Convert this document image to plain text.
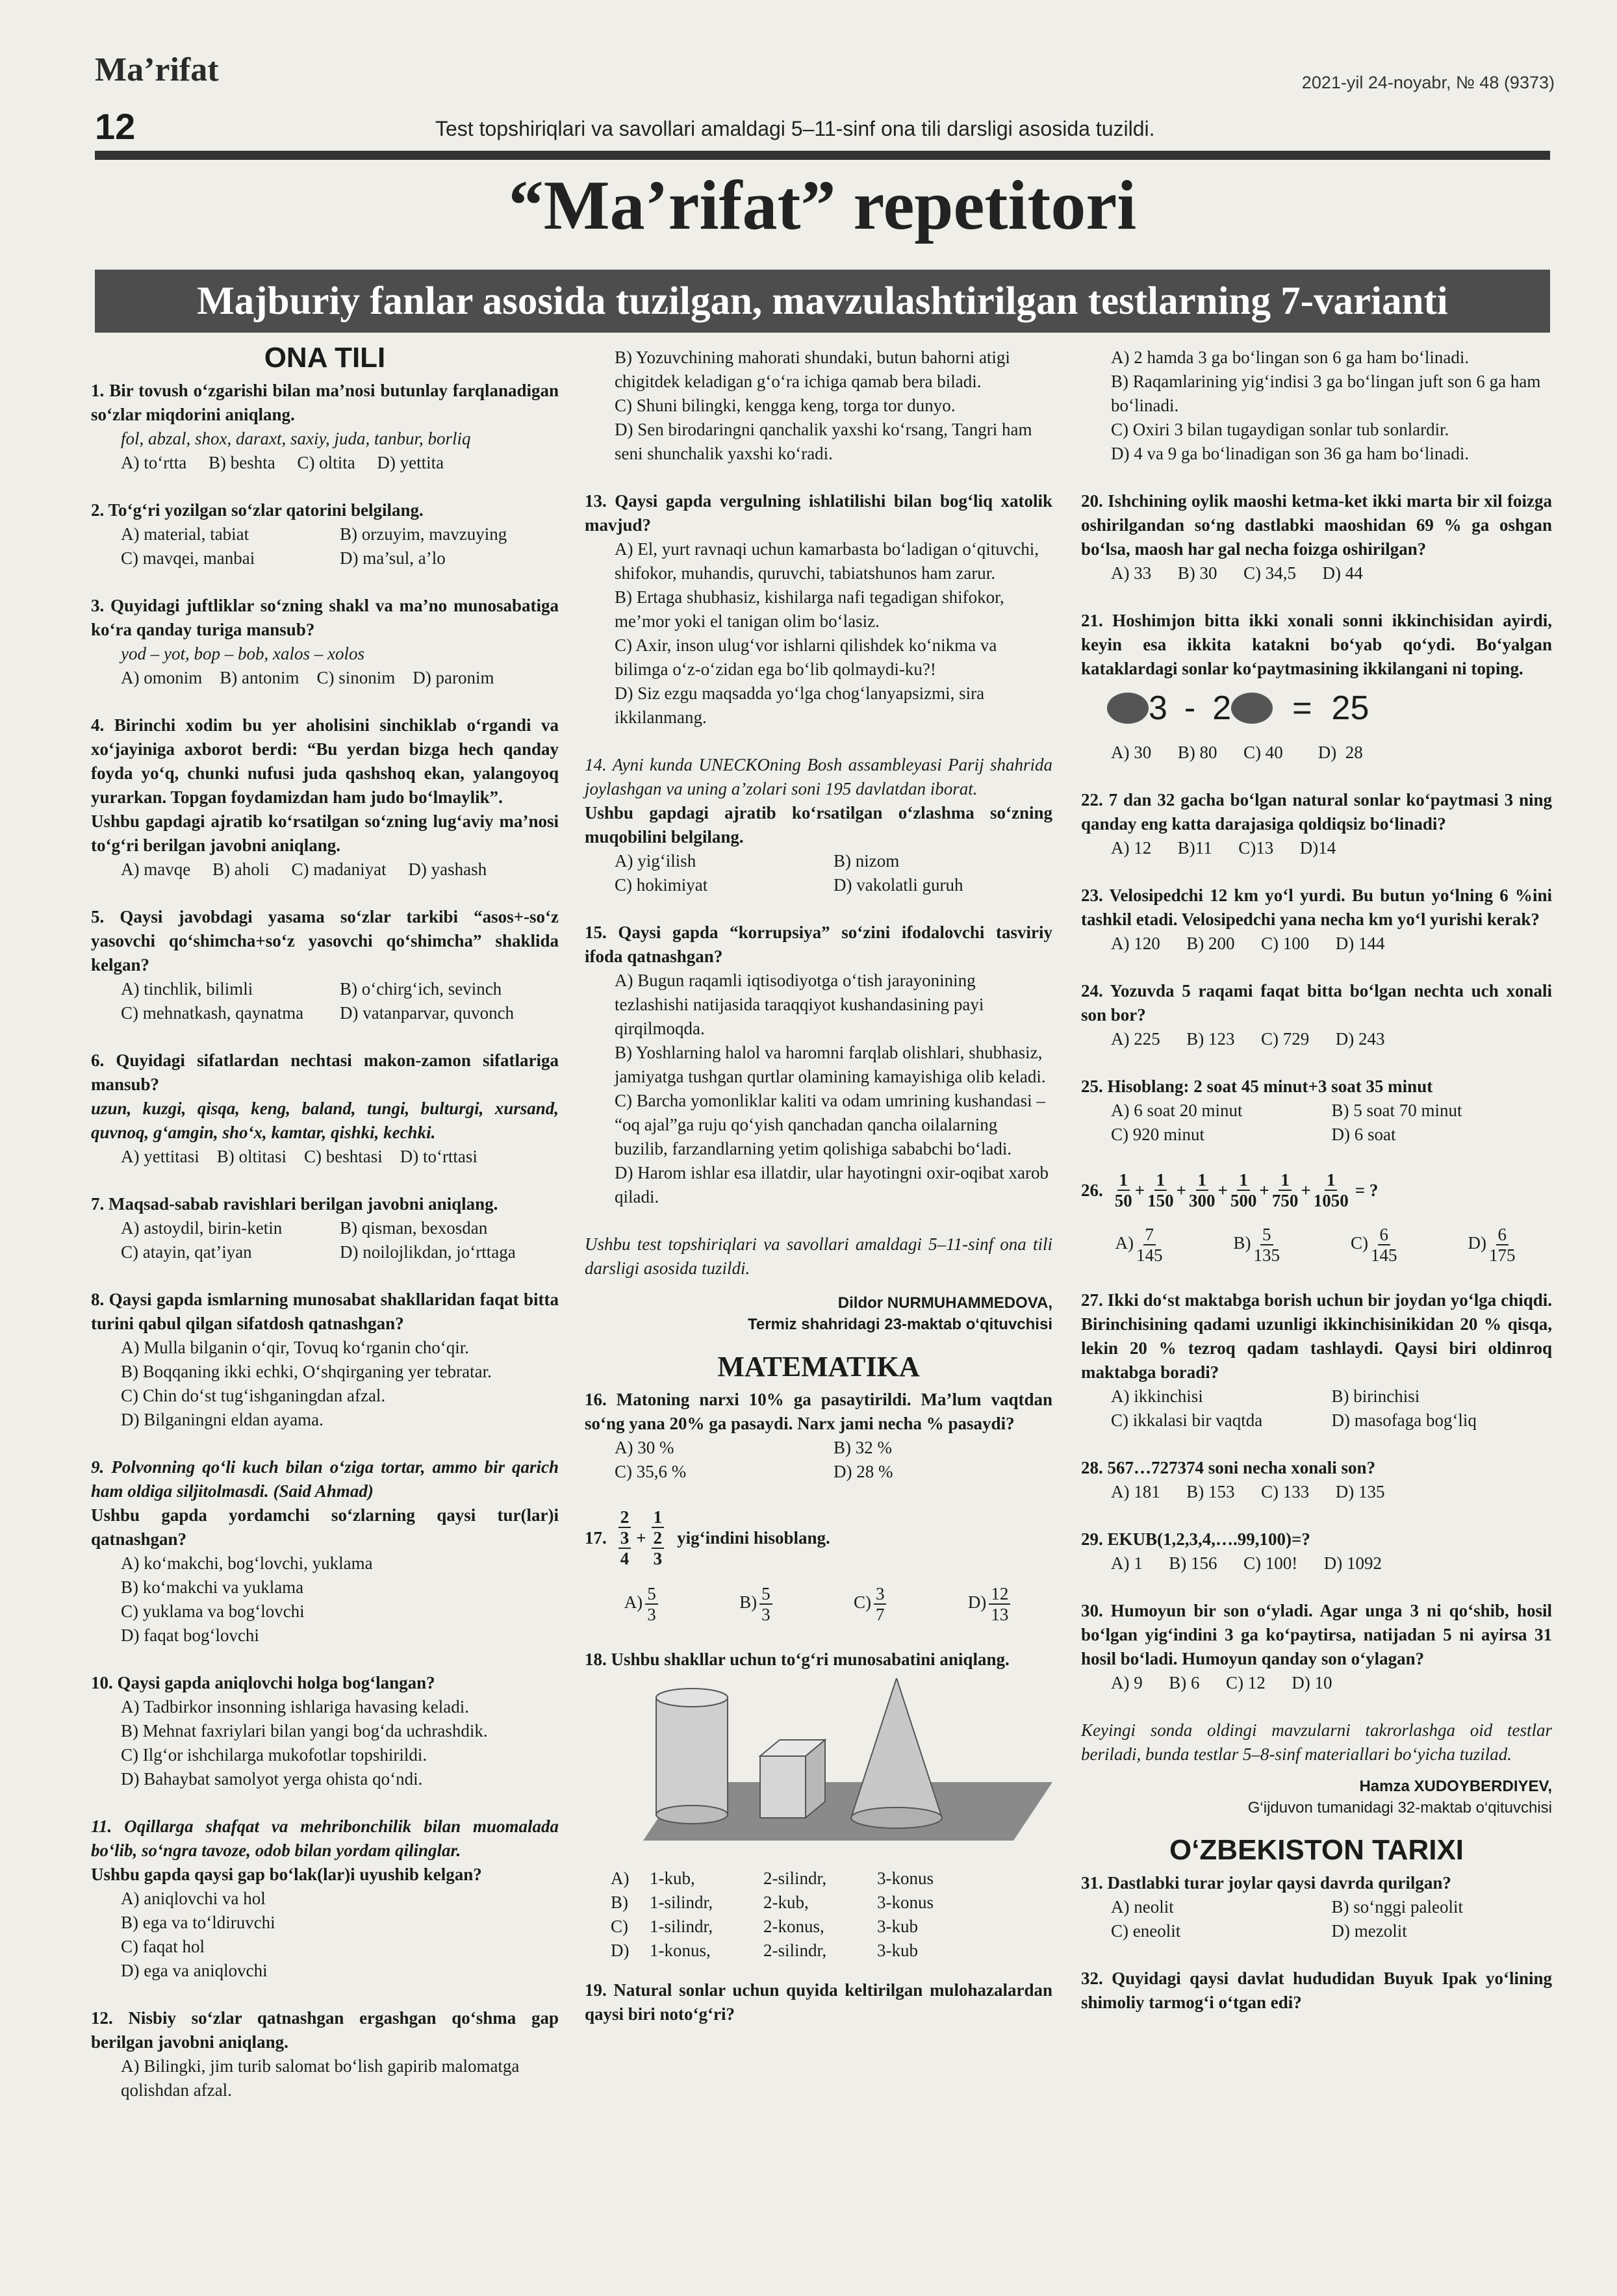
Ma’rifat	2021-yil 24-noyabr, № 48 (9373)
12	Test topshiriqlari va savollari amaldagi 5–11-sinf ona tili darsligi asosida tuzildi.
“Ma’rifat” repetitori
Majburiy fanlar asosida tuzilgan, mavzulashtirilgan testlarning 7-varianti
ONA TILI
1. Bir tovush o‘zgarishi bilan ma’nosi butunlay farqlanadigan so‘zlar miqdorini aniqlang.
fol, abzal, shox, daraxt, saxiy, juda, tanbur, borliq
A) to‘rtta     B) beshta     C) oltita     D) yettita
2. To‘g‘ri yozilgan so‘zlar qatorini belgilang.
A) material, tabiat	B) orzuyim, mavzuying
C) mavqei, manbai	D) ma’sul, a’lo
3. Quyidagi juftliklar so‘zning shakl va ma’no munosabatiga ko‘ra qanday turiga mansub?
yod – yot, bop – bob, xalos – xolos
A) omonim    B) antonim    C) sinonim    D) paronim
4. Birinchi xodim bu yer aholisini sinchiklab o‘rgandi va xo‘jayiniga axborot berdi: “Bu yerdan bizga hech qanday foyda yo‘q, chunki nufusi juda qashshoq ekan, yalangoyoq yurarkan. Topgan foydamizdan ham judo bo‘lmaylik”.
Ushbu gapdagi ajratib ko‘rsatilgan so‘zning lug‘aviy ma’nosi to‘g‘ri berilgan javobni aniqlang.
A) mavqe     B) aholi     C) madaniyat     D) yashash
5. Qaysi javobdagi yasama so‘zlar tarkibi “asos+-so‘z yasovchi qo‘shimcha+so‘z yasovchi qo‘shimcha” shaklida kelgan?
A) tinchlik, bilimli	B) o‘chirg‘ich, sevinch
C) mehnatkash, qaynatma	D) vatanparvar, quvonch
6. Quyidagi sifatlardan nechtasi makon-zamon sifatlariga mansub?
uzun, kuzgi, qisqa, keng, baland, tungi, bulturgi, xursand, quvnoq, g‘amgin, sho‘x, kamtar, qishki, kechki.
A) yettitasi    B) oltitasi    C) beshtasi    D) to‘rttasi
7. Maqsad-sabab ravishlari berilgan javobni aniqlang.
A) astoydil, birin-ketin	B) qisman, bexosdan
C) atayin, qat’iyan	D) noilojlikdan, jo‘rttaga
8. Qaysi gapda ismlarning munosabat shakllaridan faqat bitta turini qabul qilgan sifatdosh qatnashgan?
A) Mulla bilganin o‘qir, Tovuq ko‘rganin cho‘qir.
B) Boqqaning ikki echki, O‘shqirganing yer tebratar.
C) Chin do‘st tug‘ishganingdan afzal.
D) Bilganingni eldan ayama.
9. Polvonning qo‘li kuch bilan o‘ziga tortar, ammo bir qarich ham oldiga siljitolmasdi. (Said Ahmad)
Ushbu gapda yordamchi so‘zlarning qaysi tur(lar)i qatnashgan?
A) ko‘makchi, bog‘lovchi, yuklama
B) ko‘makchi va yuklama
C) yuklama va bog‘lovchi
D) faqat bog‘lovchi
10. Qaysi gapda aniqlovchi holga bog‘langan?
A) Tadbirkor insonning ishlariga havasing keladi.
B) Mehnat faxriylari bilan yangi bog‘da uchrashdik.
C) Ilg‘or ishchilarga mukofotlar topshirildi.
D) Bahaybat samolyot yerga ohista qo‘ndi.
11. Oqillarga shafqat va mehribonchilik bilan muomalada bo‘lib, so‘ngra tavoze, odob bilan yordam qilinglar.
Ushbu gapda qaysi gap bo‘lak(lar)i uyushib kelgan?
A) aniqlovchi va hol
B) ega va to‘ldiruvchi
C) faqat hol
D) ega va aniqlovchi
12. Nisbiy so‘zlar qatnashgan ergashgan qo‘shma gap berilgan javobni aniqlang.
A) Bilingki, jim turib salomat bo‘lish gapirib malomatga qolishdan afzal.
B) Yozuvchining mahorati shundaki, butun bahorni atigi chigitdek keladigan g‘o‘ra ichiga qamab bera biladi.
C) Shuni bilingki, kengga keng, torga tor dunyo.
D) Sen birodaringni qanchalik yaxshi ko‘rsang, Tangri ham seni shunchalik yaxshi ko‘radi.
13. Qaysi gapda vergulning ishlatilishi bilan bog‘liq xatolik mavjud?
A) El, yurt ravnaqi uchun kamarbasta bo‘ladigan o‘qituvchi, shifokor, muhandis, quruvchi, tabiatshunos ham zarur.
B) Ertaga shubhasiz, kishilarga nafi tegadigan shifokor, me’mor yoki el tanigan olim bo‘lasiz.
C) Axir, inson ulug‘vor ishlarni qilishdek ko‘nikma va bilimga o‘z-o‘zidan ega bo‘lib qolmaydi-ku?!
D) Siz ezgu maqsadda yo‘lga chog‘lanyapsizmi, sira ikkilanmang.
14. Ayni kunda UNECKOning Bosh assambleyasi Parij shahrida joylashgan va uning a’zolari soni 195 davlatdan iborat.
Ushbu gapdagi ajratib ko‘rsatilgan o‘zlashma so‘zning muqobilini belgilang.
A) yig‘ilish	B) nizom
C) hokimiyat	D) vakolatli guruh
15. Qaysi gapda “korrupsiya” so‘zini ifodalovchi tasviriy ifoda qatnashgan?
A) Bugun raqamli iqtisodiyotga o‘tish jarayonining tezlashishi natijasida taraqqiyot kushandasining payi qirqilmoqda.
B) Yoshlarning halol va haromni farqlab olishlari, shubhasiz, jamiyatga tushgan qurtlar olamining kamayishiga olib keladi.
C) Barcha yomonliklar kaliti va odam umrining kushandasi – “oq ajal”ga ruju qo‘yish qanchadan qancha oilalarning buzilib, farzandlarning yetim qolishiga sababchi bo‘ladi.
D) Harom ishlar esa illatdir, ular hayotingni oxir-oqibat xarob qiladi.
Ushbu test topshiriqlari va savollari amaldagi 5–11-sinf ona tili darsligi asosida tuzildi.
Dildor NURMUHAMMEDOVA,
Termiz shahridagi 23-maktab o‘qituvchisi
MATEMATIKA
16. Matoning narxi 10% ga pasaytirildi. Ma’lum vaqtdan so‘ng yana 20% ga pasaydi. Narx jami necha % pasaydi?
A) 30 %	B) 32 %
C) 35,6 %	D) 28 %
17. $\frac{2}{\frac{3}{4}} + \frac{1}{\frac{2}{3}}$ yig‘indini hisoblang.
$A) \frac{5}{3}$	$B) \frac{5}{3}$	$C) \frac{3}{7}$	$D) \frac{12}{13}$
18. Ushbu shakllar uchun to‘g‘ri munosabatini aniqlang.
A)	1-kub,	2-silindr,	3-konus
B)	1-silindr,	2-kub,	3-konus
C)	1-silindr,	2-konus,	3-kub
D)	1-konus,	2-silindr,	3-kub
19. Natural sonlar uchun quyida keltirilgan mulohazalardan qaysi biri noto‘g‘ri?
A) 2 hamda 3 ga bo‘lingan son 6 ga ham bo‘linadi.
B) Raqamlarining yig‘indisi 3 ga bo‘lingan juft son 6 ga ham bo‘linadi.
C) Oxiri 3 bilan tugaydigan sonlar tub sonlardir.
D) 4 va 9 ga bo‘linadigan son 36 ga ham bo‘linadi.
20. Ishchining oylik maoshi ketma-ket ikki marta bir xil foizga oshirilgandan so‘ng dastlabki maoshidan 69 % ga oshgan bo‘lsa, maosh har gal necha foizga oshirilgan?
A) 33      B) 30      C) 34,5      D) 44
21. Hoshimjon bitta ikki xonali sonni ikkinchisidan ayirdi, keyin esa ikkita katakni bo‘yab qo‘ydi. Bo‘yalgan kataklardagi sonlar ko‘paytmasining ikkilangani ni toping.
3 - 2 = 25
A) 30      B) 80      C) 40        D)  28
22. 7 dan 32 gacha bo‘lgan natural sonlar ko‘paytmasi 3 ning qanday eng katta darajasiga qoldiqsiz bo‘linadi?
A) 12      B)11      C)13      D)14
23. Velosipedchi 12 km yo‘l yurdi. Bu butun yo‘lning 6 %ini tashkil etadi. Velosipedchi yana necha km yo‘l yurishi kerak?
A) 120      B) 200      C) 100      D) 144
24. Yozuvda 5 raqami faqat bitta bo‘lgan nechta uch xonali son bor?
A) 225      B) 123      C) 729      D) 243
25. Hisoblang: 2 soat 45 minut+3 soat 35 minut
A) 6 soat 20 minut	B) 5 soat 70 minut
C) 920 minut	D) 6 soat
26. $\frac{1}{50} + \frac{1}{150} + \frac{1}{300} + \frac{1}{500} + \frac{1}{750} + \frac{1}{1050}$ = ?
$A) \frac{7}{145}$	$B) \frac{5}{135}$	$C) \frac{6}{145}$	$D) \frac{6}{175}$
27. Ikki do‘st maktabga borish uchun bir joydan yo‘lga chiqdi. Birinchisining qadami uzunligi ikkinchisinikidan 20 % qisqa, lekin 20 % tezroq qadam tashlaydi. Qaysi biri oldinroq maktabga boradi?
A) ikkinchisi	B) birinchisi
C) ikkalasi bir vaqtda	D) masofaga bog‘liq
28. 567…727374 soni necha xonali son?
A) 181      B) 153      C) 133      D) 135
29. EKUB(1,2,3,4,….99,100)=?
A) 1      B) 156      C) 100!      D) 1092
30. Humoyun bir son o‘yladi. Agar unga 3 ni qo‘shib, hosil bo‘lgan yig‘indini 3 ga ko‘paytirsa, natijadan 5 ni ayirsa 31 hosil bo‘ladi. Humoyun qanday son o‘ylagan?
A) 9      B) 6      C) 12      D) 10
Keyingi sonda oldingi mavzularni takrorlashga oid testlar beriladi, bunda testlar 5–8-sinf materiallari bo‘yicha tuzilad.
Hamza XUDOYBERDIYEV,
G‘ijduvon tumanidagi 32-maktab o‘qituvchisi
O‘ZBEKISTON TARIXI
31. Dastlabki turar joylar qaysi davrda qurilgan?
A) neolit	B) so‘nggi paleolit
C) eneolit	D) mezolit
32. Quyidagi qaysi davlat hududidan Buyuk Ipak yo‘lining shimoliy tarmog‘i o‘tgan edi?
